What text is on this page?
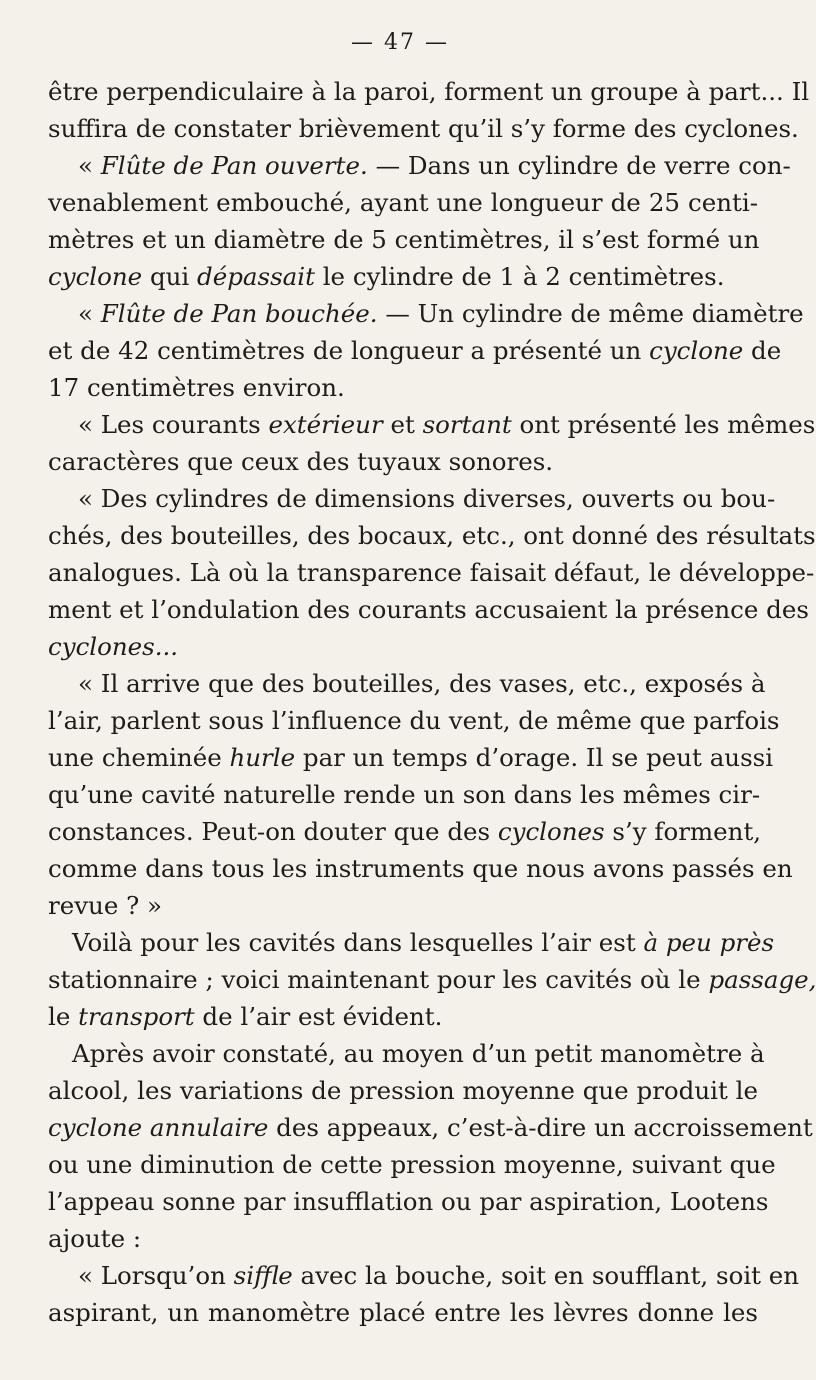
— 47 —
être perpendiculaire à la paroi, forment un groupe à part... Il
suffira de constater brièvement qu’il s’y forme des cyclones.
« Flûte de Pan ouverte. — Dans un cylindre de verre con-
venablement embouché, ayant une longueur de 25 centi-
mètres et un diamètre de 5 centimètres, il s’est formé un
cyclone qui dépassait le cylindre de 1 à 2 centimètres.
« Flûte de Pan bouchée. — Un cylindre de même diamètre
et de 42 centimètres de longueur a présenté un cyclone de
17 centimètres environ.
« Les courants extérieur et sortant ont présenté les mêmes
caractères que ceux des tuyaux sonores.
« Des cylindres de dimensions diverses, ouverts ou bou-
chés, des bouteilles, des bocaux, etc., ont donné des résultats
analogues. Là où la transparence faisait défaut, le développe-
ment et l’ondulation des courants accusaient la présence des
cyclones...
« Il arrive que des bouteilles, des vases, etc., exposés à
l’air, parlent sous l’influence du vent, de même que parfois
une cheminée hurle par un temps d’orage. Il se peut aussi
qu’une cavité naturelle rende un son dans les mêmes cir-
constances. Peut-on douter que des cyclones s’y forment,
comme dans tous les instruments que nous avons passés en
revue ? »
Voilà pour les cavités dans lesquelles l’air est à peu près
stationnaire ; voici maintenant pour les cavités où le passage,
le transport de l’air est évident.
Après avoir constaté, au moyen d’un petit manomètre à
alcool, les variations de pression moyenne que produit le
cyclone annulaire des appeaux, c’est-à-dire un accroissement
ou une diminution de cette pression moyenne, suivant que
l’appeau sonne par insufflation ou par aspiration, Lootens
ajoute :
« Lorsqu’on siffle avec la bouche, soit en soufflant, soit en
aspirant, un manomètre placé entre les lèvres donne les
